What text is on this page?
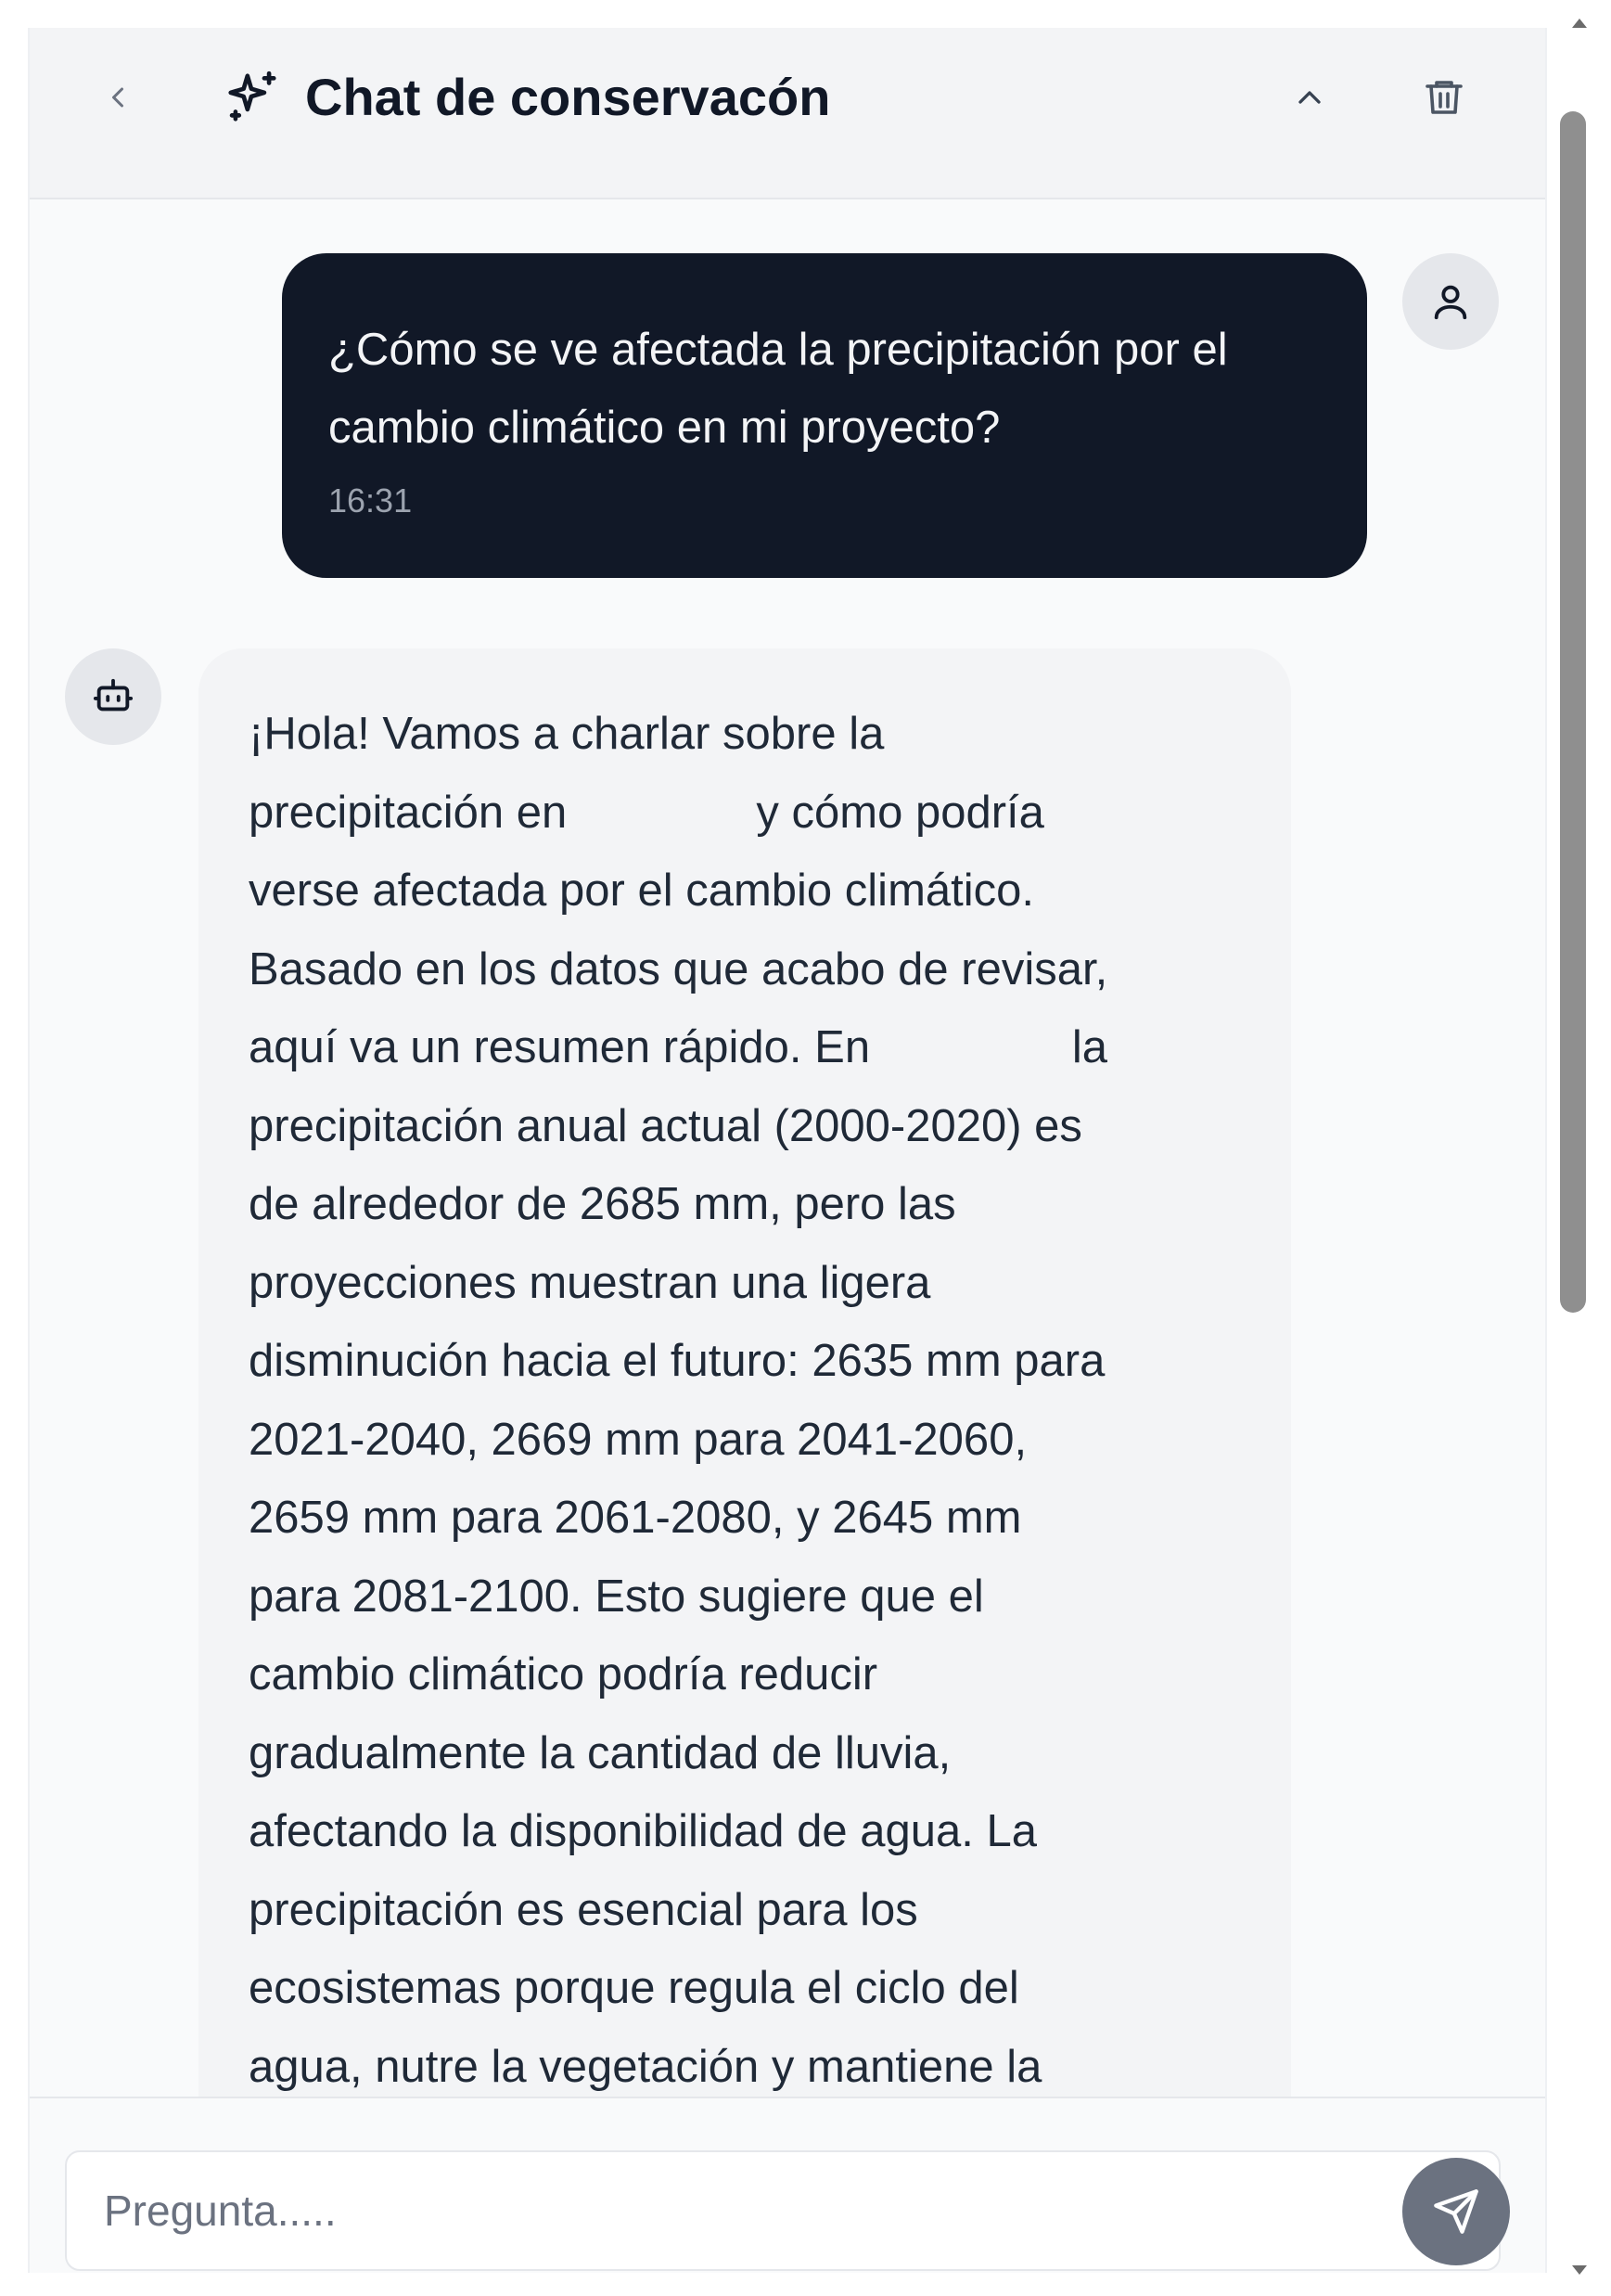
Chat de conservacón
¿Cómo se ve afectada la precipitación por el cambio climático en mi proyecto?
16:31
¡Hola! Vamos a charlar sobre la
precipitación en               y cómo podría
verse afectada por el cambio climático.
Basado en los datos que acabo de revisar,
aquí va un resumen rápido. En                la
precipitación anual actual (2000-2020) es
de alrededor de 2685 mm, pero las
proyecciones muestran una ligera
disminución hacia el futuro: 2635 mm para
2021-2040, 2669 mm para 2041-2060,
2659 mm para 2061-2080, y 2645 mm
para 2081-2100. Esto sugiere que el
cambio climático podría reducir
gradualmente la cantidad de lluvia,
afectando la disponibilidad de agua. La
precipitación es esencial para los
ecosistemas porque regula el ciclo del
agua, nutre la vegetación y mantiene la
Pregunta.....
